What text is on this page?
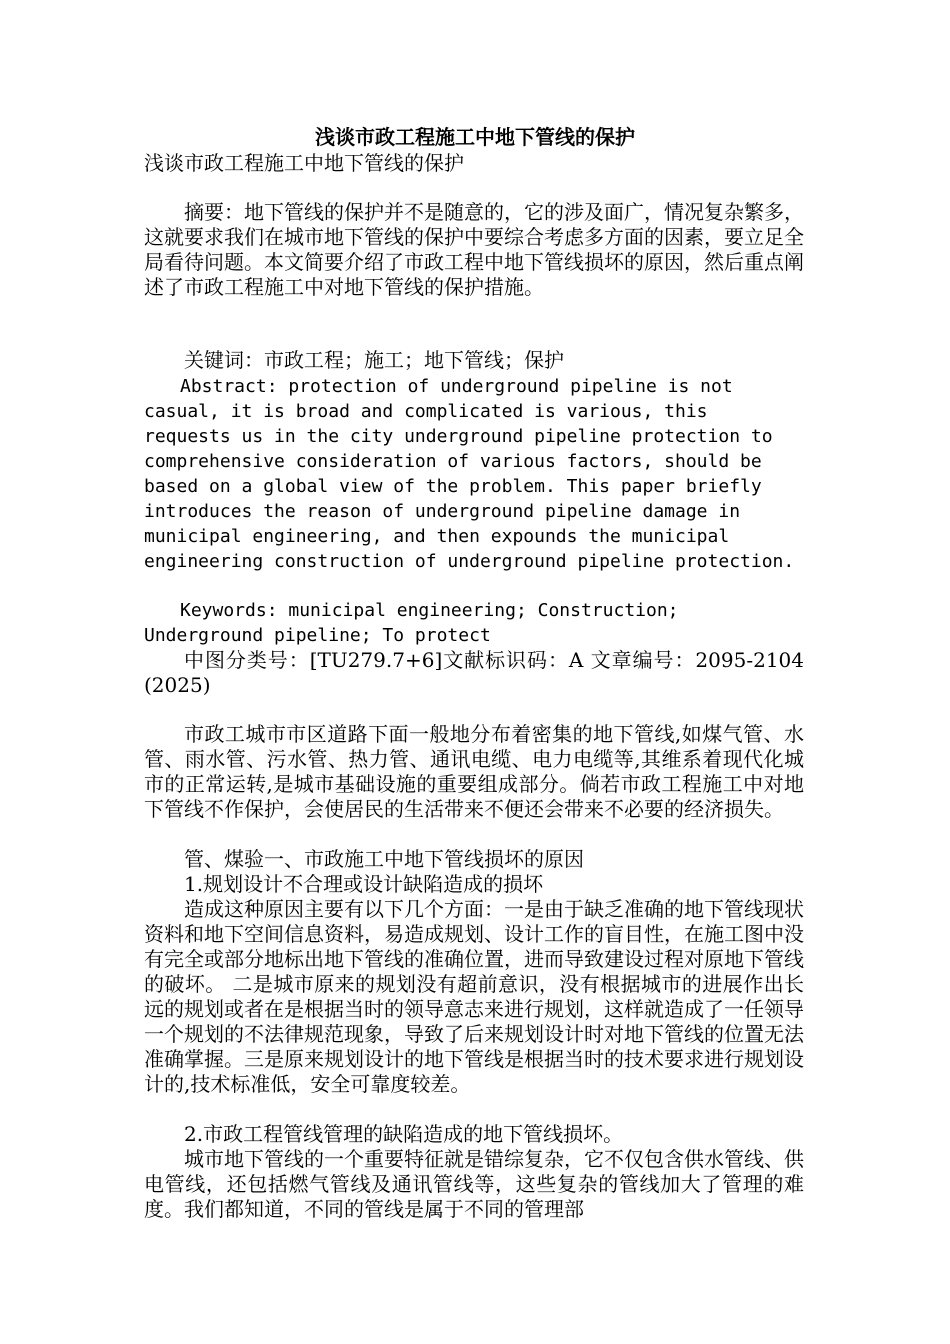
浅谈市政工程施工中地下管线的保护
浅谈市政工程施工中地下管线的保护
摘要：地下管线的保护并不是随意的，它的涉及面广，情况复杂繁多，这就要求我们在城市地下管线的保护中要综合考虑多方面的因素，要立足全局看待问题。本文简要介绍了市政工程中地下管线损坏的原因，然后重点阐述了市政工程施工中对地下管线的保护措施。
关键词：市政工程；施工；地下管线；保护
Abstract: protection of underground pipeline is not casual, it is broad and complicated is various, this requests us in the city underground pipeline protection to comprehensive consideration of various factors, should be based on a global view of the problem. This paper briefly introduces the reason of underground pipeline damage in municipal engineering, and then expounds the municipal engineering construction of underground pipeline protection.
Keywords: municipal engineering; Construction; Underground pipeline; To protect
中图分类号：[TU279.7+6]文献标识码：A 文章编号：2095-2104(2025)
市政工城市市区道路下面一般地分布着密集的地下管线,如煤气管、水管、雨水管、污水管、热力管、通讯电缆、电力电缆等,其维系着现代化城市的正常运转,是城市基础设施的重要组成部分。倘若市政工程施工中对地下管线不作保护，会使居民的生活带来不便还会带来不必要的经济损失。
管、煤验一、市政施工中地下管线损坏的原因
1.规划设计不合理或设计缺陷造成的损坏
造成这种原因主要有以下几个方面：一是由于缺乏准确的地下管线现状资料和地下空间信息资料，易造成规划、设计工作的盲目性，在施工图中没有完全或部分地标出地下管线的准确位置，进而导致建设过程对原地下管线的破坏。 二是城市原来的规划没有超前意识，没有根据城市的进展作出长远的规划或者在是根据当时的领导意志来进行规划，这样就造成了一任领导一个规划的不法律规范现象，导致了后来规划设计时对地下管线的位置无法准确掌握。三是原来规划设计的地下管线是根据当时的技术要求进行规划设计的,技术标准低，安全可靠度较差。
2.市政工程管线管理的缺陷造成的地下管线损坏。
城市地下管线的一个重要特征就是错综复杂，它不仅包含供水管线、供电管线，还包括燃气管线及通讯管线等，这些复杂的管线加大了管理的难度。我们都知道，不同的管线是属于不同的管理部
